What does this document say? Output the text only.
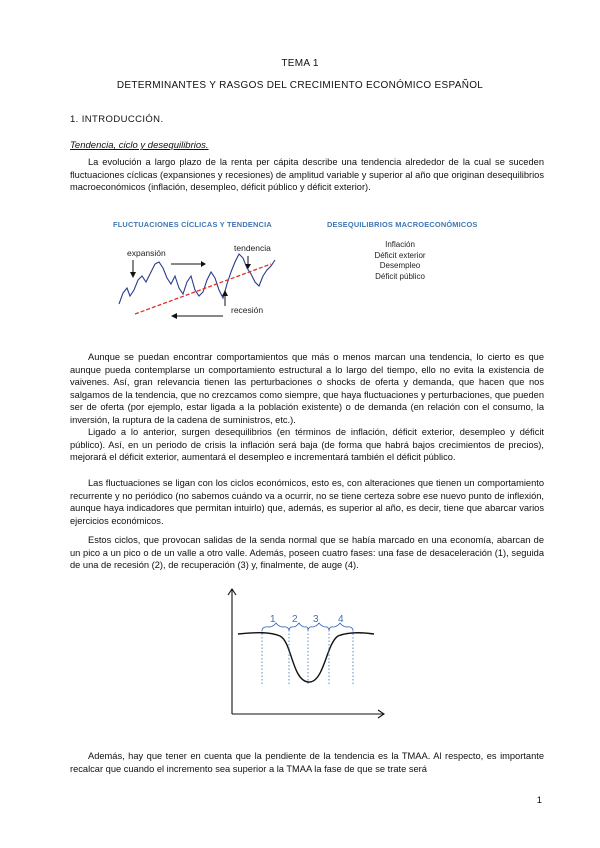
TEMA 1
DETERMINANTES Y RASGOS DEL CRECIMIENTO ECONÓMICO ESPAÑOL
1. INTRODUCCIÓN.
Tendencia, ciclo y desequilibrios.

La evolución a largo plazo de la renta per cápita describe una tendencia alrededor de la cual se suceden fluctuaciones cíclicas (expansiones y recesiones) de amplitud variable y superior al año que originan desequilibrios macroeconómicos (inflación, desempleo, déficit público y déficit exterior).

FLUCTUACIONES CÍCLICAS Y TENDENCIA
expansión	tendencia
recesión
DESEQUILIBRIOS MACROECONÓMICOS
Inflación
Déficit exterior
Desempleo
Déficit público

Aunque se puedan encontrar comportamientos que más o menos marcan una tendencia, lo cierto es que aunque pueda contemplarse un comportamiento estructural a lo largo del tiempo, ello no evita la existencia de vaivenes. Así, gran relevancia tienen las perturbaciones o shocks de oferta y demanda, que hacen que nos salgamos de la tendencia, que no crezcamos como siempre, que haya fluctuaciones y perturbaciones, que pueden ser de oferta (por ejemplo, estar ligada a la población existente) o de demanda (en relación con el consumo, la inversión, la ruptura de la cadena de suministros, etc.).

Ligado a lo anterior, surgen desequilibrios (en términos de inflación, déficit exterior, desempleo y déficit público). Así, en un periodo de crisis la inflación será baja (de forma que habrá bajos crecimientos de precios), mejorará el déficit exterior, aumentará el desempleo e incrementará también el déficit público.

Las fluctuaciones se ligan con los ciclos económicos, esto es, con alteraciones que tienen un comportamiento recurrente y no periódico (no sabemos cuándo va a ocurrir, no se tiene certeza sobre ese nuevo punto de inflexión, aunque haya indicadores que permitan intuirlo) que, además, es superior al año, es decir, tiene que abarcar varios ejercicios económicos.

Estos ciclos, que provocan salidas de la senda normal que se había marcado en una economía, abarcan de un pico a un pico o de un valle a otro valle. Además, poseen cuatro fases: una fase de desaceleración (1), seguida de una de recesión (2), de recuperación (3) y, finalmente, de auge (4).

1 2 3 4

Además, hay que tener en cuenta que la pendiente de la tendencia es la TMAA. Al respecto, es importante recalcar que cuando el incremento sea superior a la TMAA la fase de que se trate será

1
